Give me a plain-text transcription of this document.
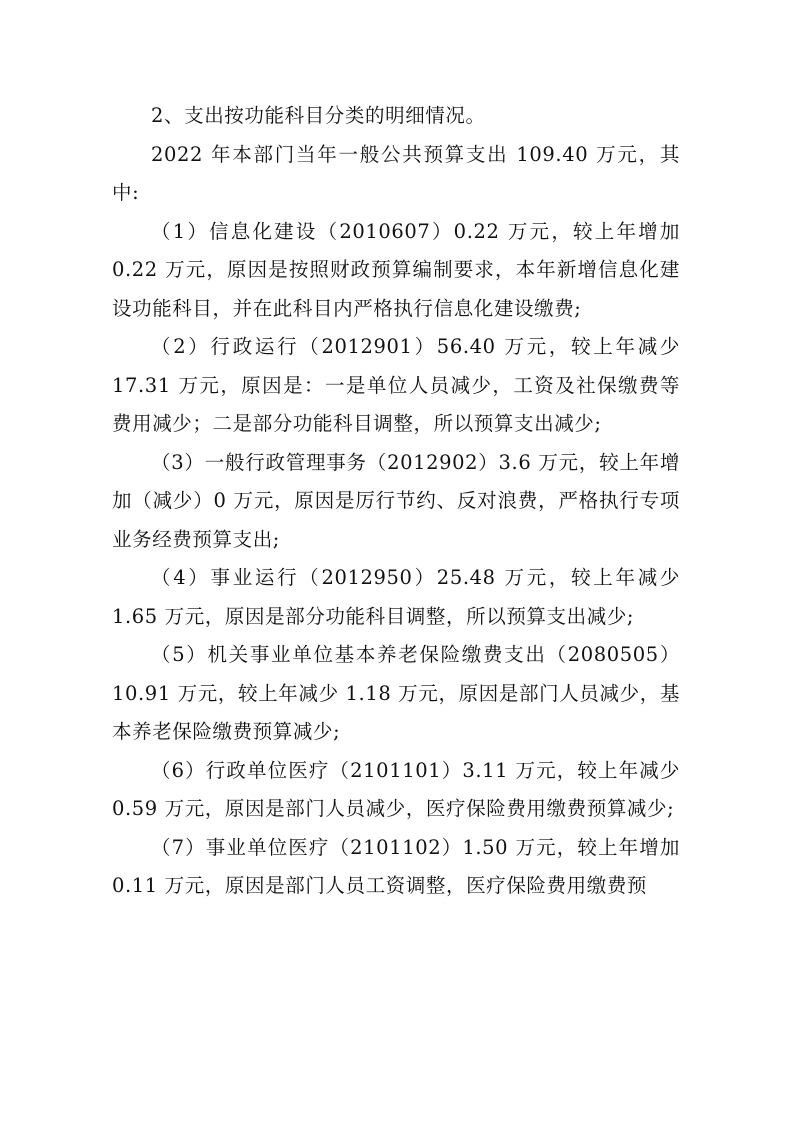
2、支出按功能科目分类的明细情况。

2022 年本部门当年一般公共预算支出 109.40 万元，其中:

（1）信息化建设（2010607）0.22 万元，较上年增加 0.22 万元，原因是按照财政预算编制要求，本年新增信息化建设功能科目，并在此科目内严格执行信息化建设缴费;

（2）行政运行（2012901）56.40 万元，较上年减少 17.31 万元，原因是：一是单位人员减少，工资及社保缴费等费用减少；二是部分功能科目调整，所以预算支出减少;

（3）一般行政管理事务（2012902）3.6 万元，较上年增加（减少）0 万元，原因是厉行节约、反对浪费，严格执行专项业务经费预算支出;

（4）事业运行（2012950）25.48 万元，较上年减少 1.65 万元，原因是部分功能科目调整，所以预算支出减少;

（5）机关事业单位基本养老保险缴费支出（2080505）10.91 万元，较上年减少 1.18 万元，原因是部门人员减少，基本养老保险缴费预算减少;

（6）行政单位医疗（2101101）3.11 万元，较上年减少 0.59 万元，原因是部门人员减少，医疗保险费用缴费预算减少;

（7）事业单位医疗（2101102）1.50 万元，较上年增加 0.11 万元，原因是部门人员工资调整，医疗保险费用缴费预
